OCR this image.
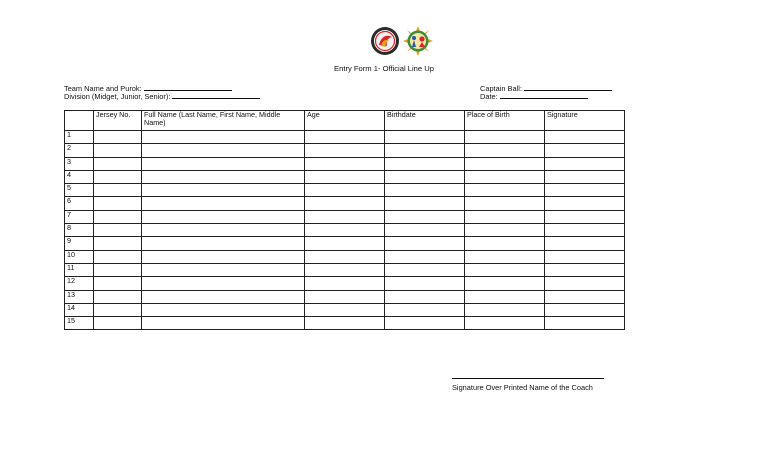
Entry Form 1- Official Line Up
Team Name and Purok:
Division (Midget, Junior, Senior):
Captain Ball:
Date:
	Jersey No.	Full Name (Last Name, First Name, Middle Name)	Age	Birthdate	Place of Birth	Signature
1						
2						
3						
4						
5						
6						
7						
8						
9						
10						
11						
12						
13						
14						
15						
Signature Over Printed Name of the Coach
